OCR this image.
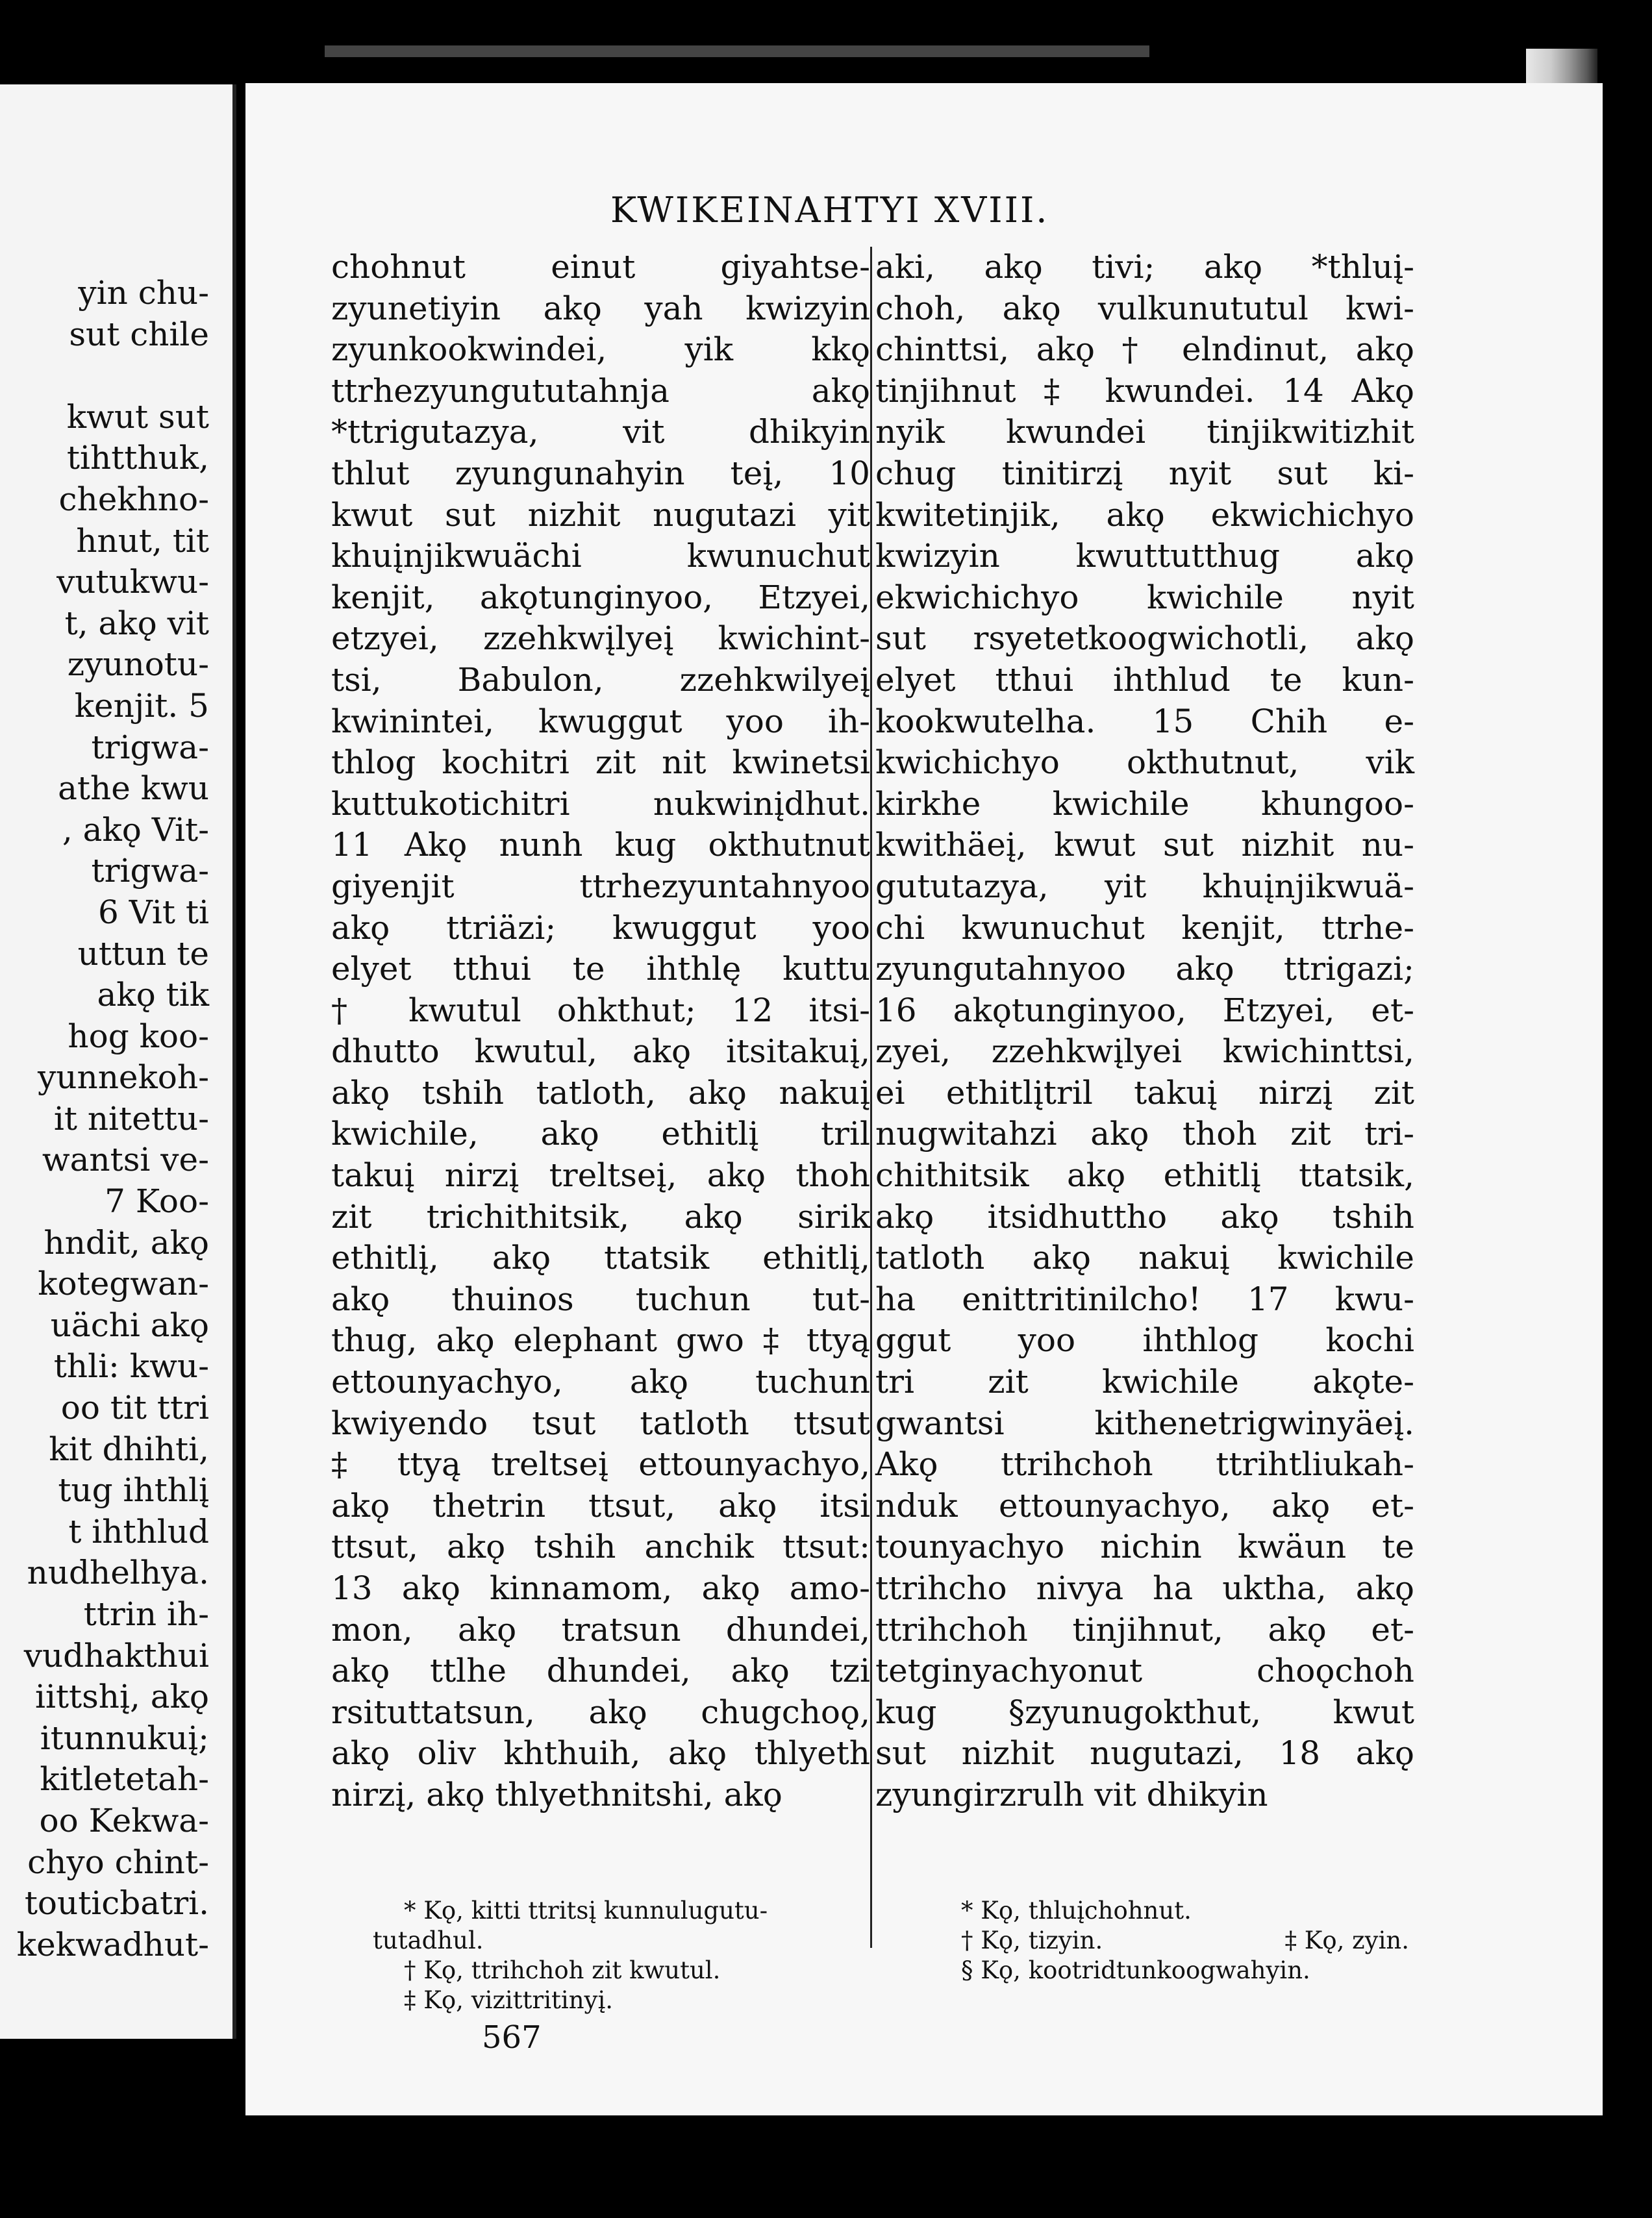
yin chu-
sut chile
kwut sut
tihtthuk,
chekhno-
hnut, tit
vutukwu-
t, akǫ vit
zyunotu-
kenjit. 5
trigwa-
athe kwu
, akǫ Vit-
trigwa-
6 Vit ti
uttun te
akǫ tik
hog koo-
yunnekoh-
it nitettu-
wantsi ve-
7 Koo-
hndit, akǫ
kotegwan-
uächi akǫ
thli: kwu-
oo tit ttri
kit dhihti,
tug ihthlį
t ihthlud
nudhelhya.
ttrin ih-
vudhakthui
iittshį, akǫ
itunnukuį;
kitletetah-
oo Kekwa-
chyo chint-
touticbatri.
kekwadhut-
KWIKEINAHTYI XVIII.
chohnut einut giyahtse-
zyunetiyin akǫ yah kwizyin
zyunkookwindei, yik kkǫ
ttrhezyungututahnja akǫ
*ttrigutazya, vit dhikyin
thlut zyungunahyin teį, 10
kwut sut nizhit nugutazi yit
khuįnjikwuächi kwunuchut
kenjit, akǫtunginyoo, Etzyei,
etzyei, zzehkwįlyeį kwichint-
tsi, Babulon, zzehkwilyeį
kwinintei, kwuggut yoo ih-
thlog kochitri zit nit kwinetsi
kuttukotichitri nukwinįdhut.
11 Akǫ nunh kug okthutnut
giyenjit ttrhezyuntahnyoo
akǫ ttriäzi; kwuggut yoo
elyet tthui te ihthlę kuttu
† kwutul ohkthut; 12 itsi-
dhutto kwutul, akǫ itsitakuį,
akǫ tshih tatloth, akǫ nakuį
kwichile, akǫ ethitlį tril
takuį nirzį treltseį, akǫ thoh
zit trichithitsik, akǫ sirik
ethitlį, akǫ ttatsik ethitlį,
akǫ thuinos tuchun tut-
thug, akǫ elephant gwo ‡ ttyą
ettounyachyo, akǫ tuchun
kwiyendo tsut tatloth ttsut
‡ ttyą treltseį ettounyachyo,
akǫ thetrin ttsut, akǫ itsi
ttsut, akǫ tshih anchik ttsut:
13 akǫ kinnamom, akǫ amo-
mon, akǫ tratsun dhundei,
akǫ ttlhe dhundei, akǫ tzi
rsituttatsun, akǫ chugchoǫ,
akǫ oliv khthuih, akǫ thlyeth
nirzį, akǫ thlyethnitshi, akǫ
aki, akǫ tivi; akǫ *thluį-
choh, akǫ vulkunututul kwi-
chinttsi, akǫ † elndinut, akǫ
tinjihnut ‡ kwundei. 14 Akǫ
nyik kwundei tinjikwitizhit
chug tinitirzį nyit sut ki-
kwitetinjik, akǫ ekwichichyo
kwizyin kwuttutthug akǫ
ekwichichyo kwichile nyit
sut rsyetetkoogwichotli, akǫ
elyet tthui ihthlud te kun-
kookwutelha. 15 Chih e-
kwichichyo okthutnut, vik
kirkhe kwichile khungoo-
kwithäeį, kwut sut nizhit nu-
gututazya, yit khuįnjikwuä-
chi kwunuchut kenjit, ttrhe-
zyungutahnyoo akǫ ttrigazi;
16 akǫtunginyoo, Etzyei, et-
zyei, zzehkwįlyei kwichinttsi,
ei ethitlįtril takuį nirzį zit
nugwitahzi akǫ thoh zit tri-
chithitsik akǫ ethitlį ttatsik,
akǫ itsidhuttho akǫ tshih
tatloth akǫ nakuį kwichile
ha enittritinilcho! 17 kwu-
ggut yoo ihthlog kochi
tri zit kwichile akǫte-
gwantsi kithenetrigwinyäeį.
Akǫ ttrihchoh ttrihtliukah-
nduk ettounyachyo, akǫ et-
tounyachyo nichin kwäun te
ttrihcho nivya ha uktha, akǫ
ttrihchoh tinjihnut, akǫ et-
tetginyachyonut choǫchoh
kug §zyunugokthut, kwut
sut nizhit nugutazi, 18 akǫ
zyungirzrulh vit dhikyin
* Kǫ, kitti ttritsį kunnulugutu-
tutadhul.
† Kǫ, ttrihchoh zit kwutul.
‡ Kǫ, vizittritinyį.
* Kǫ, thluįchohnut.
† Kǫ, tizyin.	‡ Kǫ, zyin.
§ Kǫ, kootridtunkoogwahyin.
567
